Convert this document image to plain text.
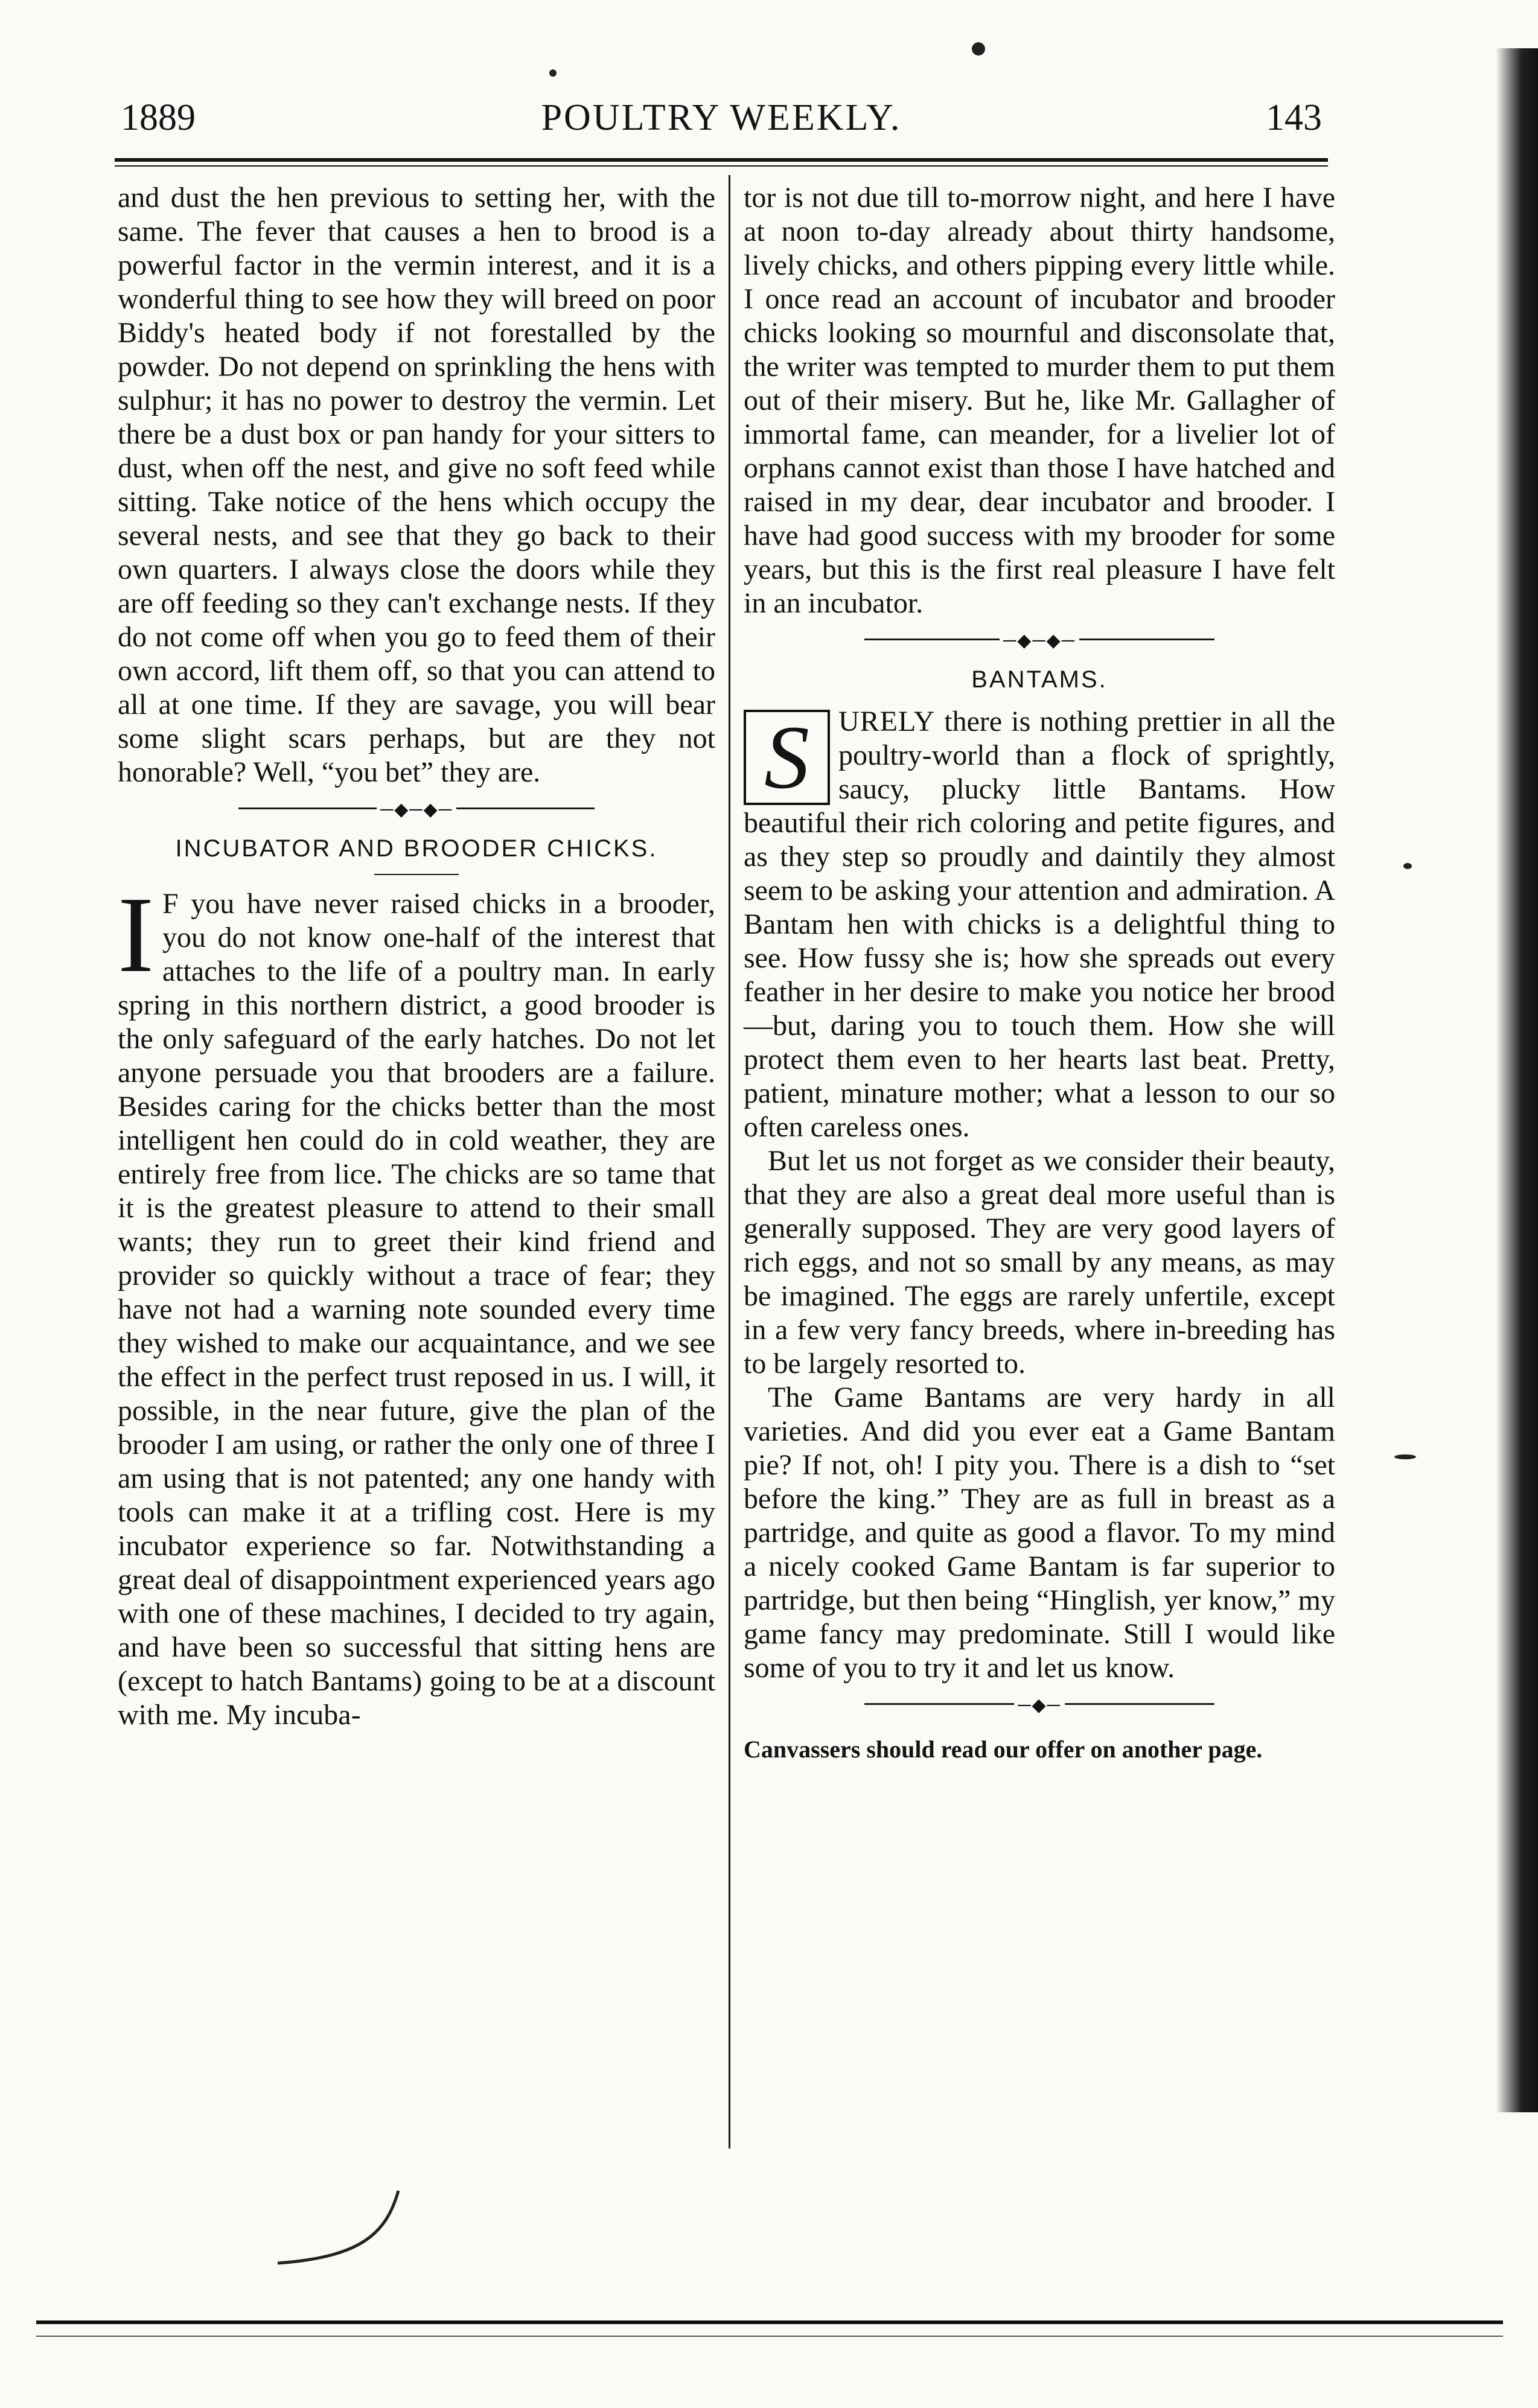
1889	POULTRY WEEKLY.	143

and dust the hen previous to setting her, with the same. The fever that causes a hen to brood is a powerful factor in the vermin interest, and it is a wonderful thing to see how they will breed on poor Biddy's heated body if not forestalled by the powder. Do not depend on sprinkling the hens with sulphur; it has no power to destroy the vermin. Let there be a dust box or pan handy for your sitters to dust, when off the nest, and give no soft feed while sitting. Take notice of the hens which occupy the several nests, and see that they go back to their own quarters. I always close the doors while they are off feeding so they can't exchange nests. If they do not come off when you go to feed them of their own accord, lift them off, so that you can attend to all at one time. If they are savage, you will bear some slight scars perhaps, but are they not honorable? Well, “you bet” they are.

─◆─◆─
INCUBATOR AND BROODER CHICKS.
I F you have never raised chicks in a brooder, you do not know one-half of the interest that attaches to the life of a poultry man. In early spring in this northern district, a good brooder is the only safeguard of the early hatches. Do not let anyone persuade you that brooders are a failure. Besides caring for the chicks better than the most intelligent hen could do in cold weather, they are entirely free from lice. The chicks are so tame that it is the greatest pleasure to attend to their small wants; they run to greet their kind friend and provider so quickly without a trace of fear; they have not had a warning note sounded every time they wished to make our acquaintance, and we see the effect in the perfect trust reposed in us. I will, it possible, in the near future, give the plan of the brooder I am using, or rather the only one of three I am using that is not patented; any one handy with tools can make it at a trifling cost. Here is my incubator experience so far. Notwithstanding a great deal of disappointment experienced years ago with one of these machines, I decided to try again, and have been so successful that sitting hens are (except to hatch Bantams) going to be at a discount with me. My incuba-

tor is not due till to-morrow night, and here I have at noon to-day already about thirty handsome, lively chicks, and others pipping every little while. I once read an account of incubator and brooder chicks looking so mournful and disconsolate that, the writer was tempted to murder them to put them out of their misery. But he, like Mr. Gallagher of immortal fame, can meander, for a livelier lot of orphans cannot exist than those I have hatched and raised in my dear, dear incubator and brooder. I have had good success with my brooder for some years, but this is the first real pleasure I have felt in an incubator.

─◆─◆─
BANTAMS.
S	URELY there is nothing prettier in all the poultry-world than a flock of sprightly, saucy, plucky little Bantams. How beautiful their rich coloring and petite figures, and as they step so proudly and daintily they almost seem to be asking your attention and admiration. A Bantam hen with chicks is a delightful thing to see. How fussy she is; how she spreads out every feather in her desire to make you notice her brood—but, daring you to touch them. How she will protect them even to her hearts last beat. Pretty, patient, minature mother; what a lesson to our so often careless ones.

But let us not forget as we consider their beauty, that they are also a great deal more useful than is generally supposed. They are very good layers of rich eggs, and not so small by any means, as may be imagined. The eggs are rarely unfertile, except in a few very fancy breeds, where in-breeding has to be largely resorted to.

The Game Bantams are very hardy in all varieties. And did you ever eat a Game Bantam pie? If not, oh! I pity you. There is a dish to “set before the king.” They are as full in breast as a partridge, and quite as good a flavor. To my mind a nicely cooked Game Bantam is far superior to partridge, but then being “Hinglish, yer know,” my game fancy may predominate. Still I would like some of you to try it and let us know.

─◆─

Canvassers should read our offer on another page.
